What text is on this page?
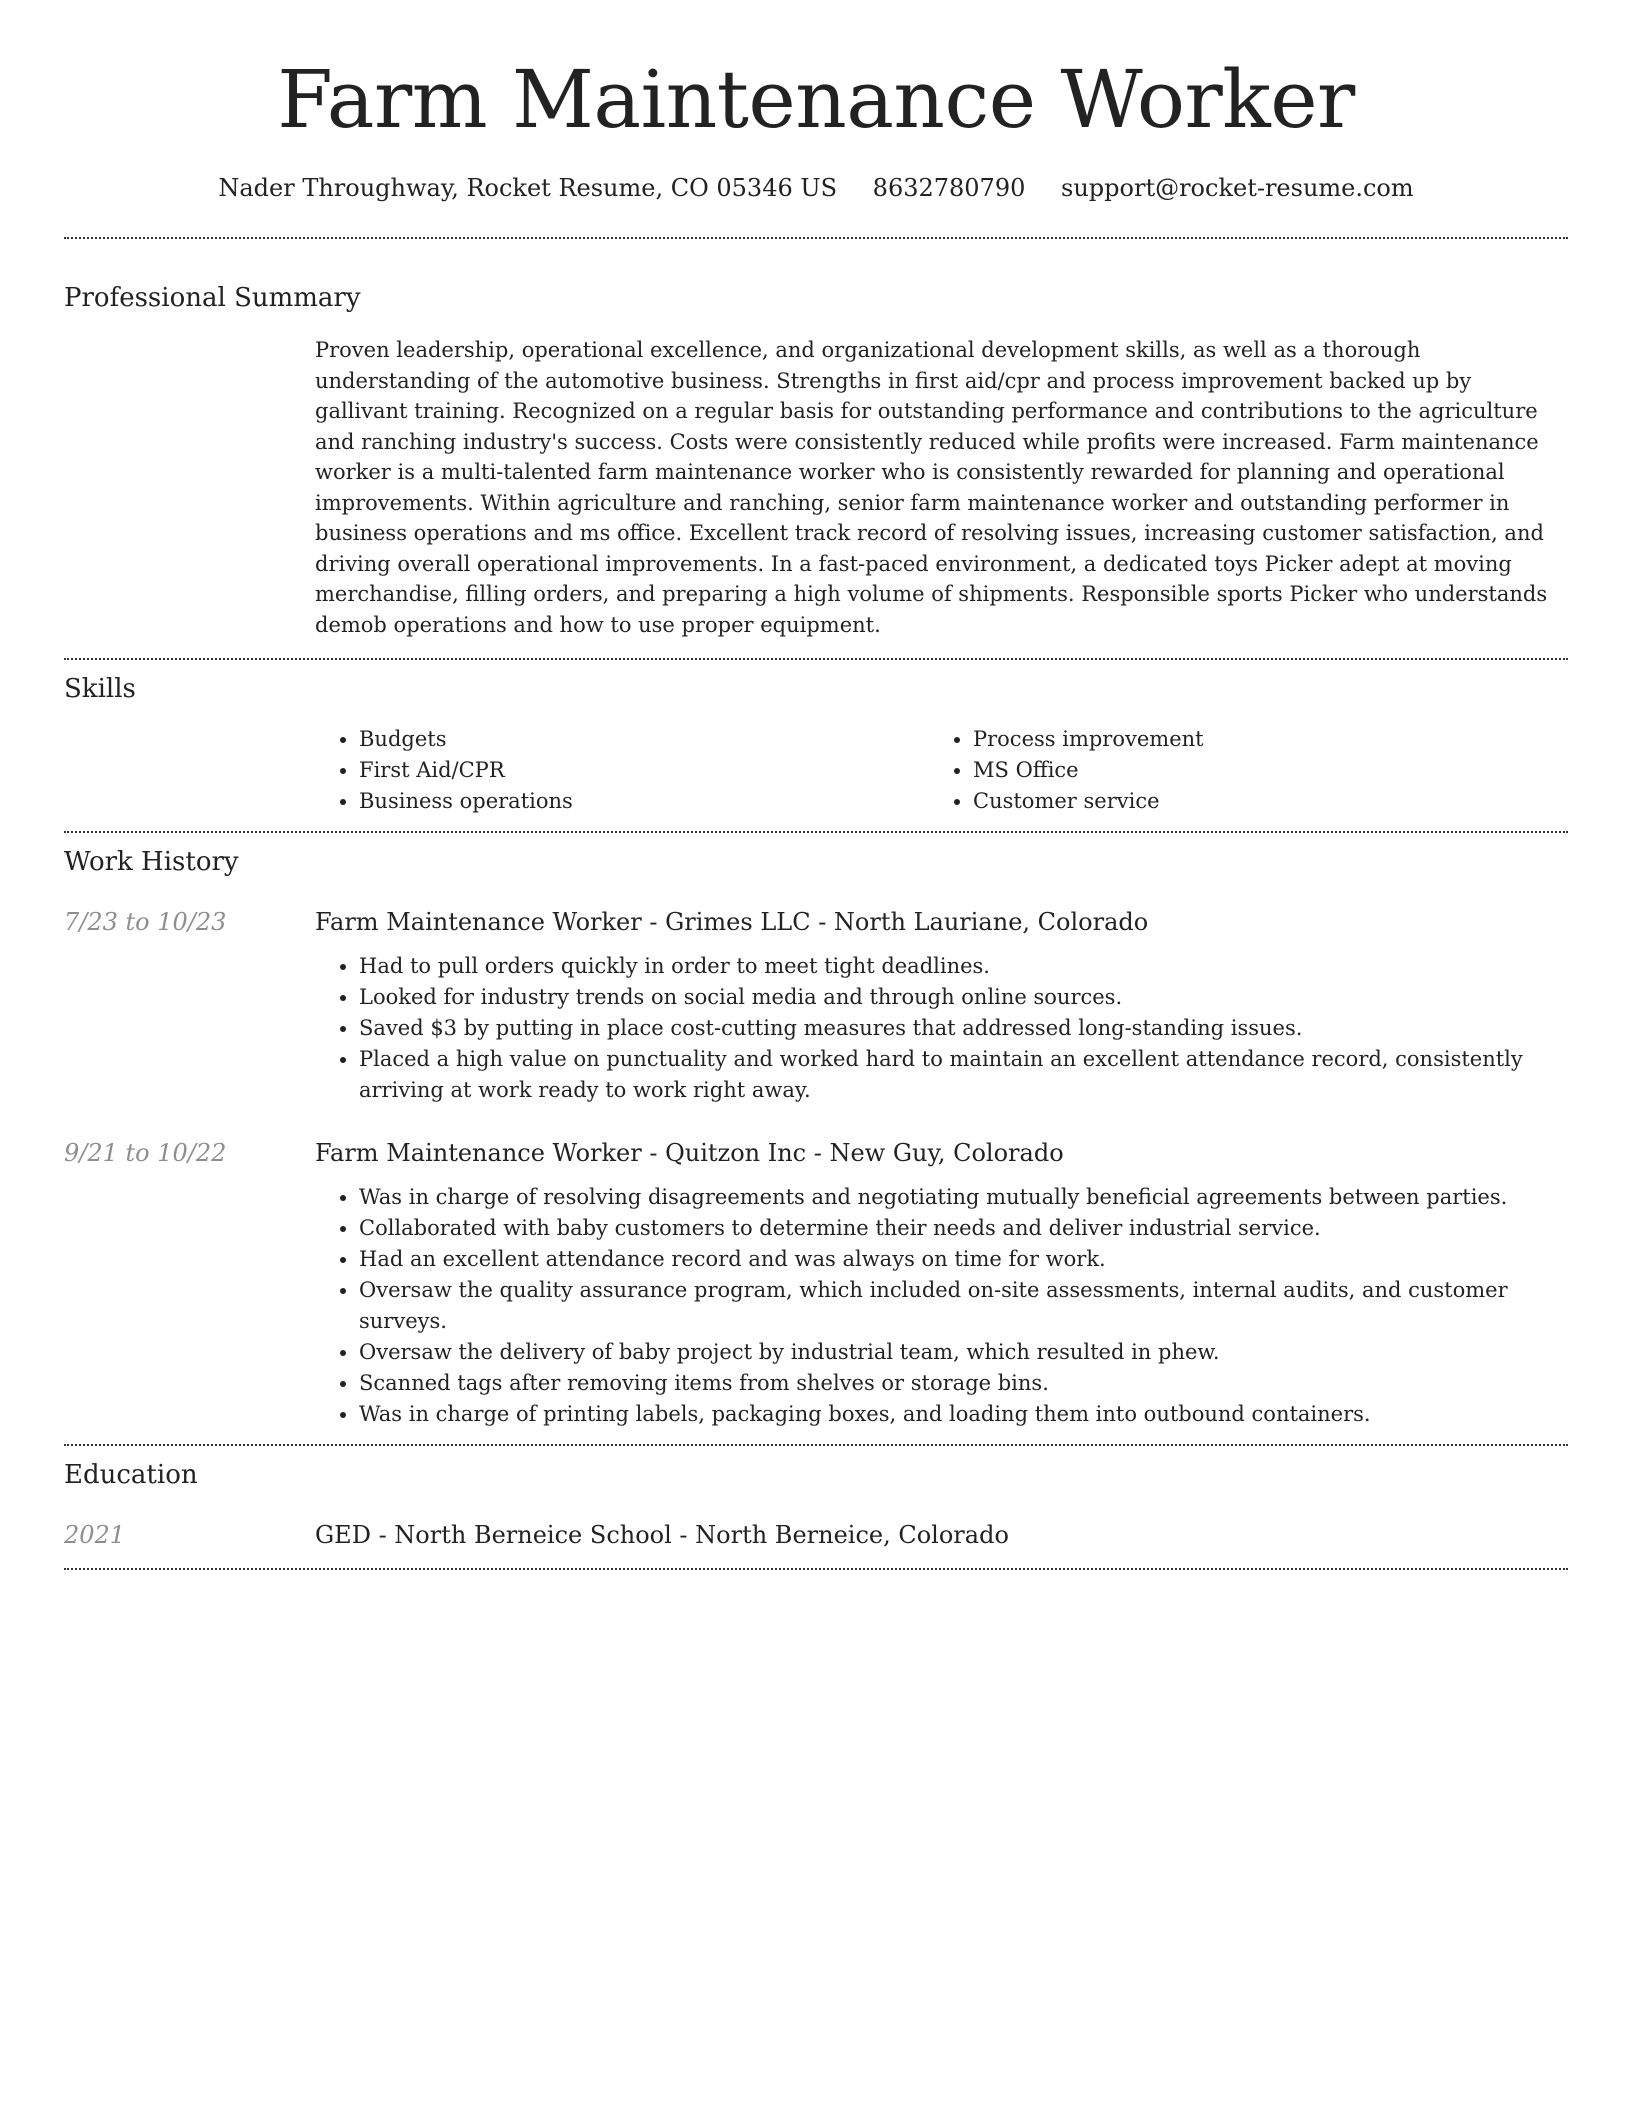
Farm Maintenance Worker
Nader Throughway, Rocket Resume, CO 05346 US 8632780790 support@rocket-resume.com
Professional Summary
Proven leadership, operational excellence, and organizational development skills, as well as a thorough understanding of the automotive business. Strengths in first aid/cpr and process improvement backed up by gallivant training. Recognized on a regular basis for outstanding performance and contributions to the agriculture and ranching industry's success. Costs were consistently reduced while profits were increased. Farm maintenance worker is a multi-talented farm maintenance worker who is consistently rewarded for planning and operational improvements. Within agriculture and ranching, senior farm maintenance worker and outstanding performer in business operations and ms office. Excellent track record of resolving issues, increasing customer satisfaction, and driving overall operational improvements. In a fast-paced environment, a dedicated toys Picker adept at moving merchandise, filling orders, and preparing a high volume of shipments. Responsible sports Picker who understands demob operations and how to use proper equipment.
Skills
• Budgets
• First Aid/CPR
• Business operations
• Process improvement
• MS Office
• Customer service
Work History
7/23 to 10/23	Farm Maintenance Worker - Grimes LLC - North Lauriane, Colorado
• Had to pull orders quickly in order to meet tight deadlines.
• Looked for industry trends on social media and through online sources.
• Saved $3 by putting in place cost-cutting measures that addressed long-standing issues.
• Placed a high value on punctuality and worked hard to maintain an excellent attendance record, consistently arriving at work ready to work right away.
9/21 to 10/22	Farm Maintenance Worker - Quitzon Inc - New Guy, Colorado
• Was in charge of resolving disagreements and negotiating mutually beneficial agreements between parties.
• Collaborated with baby customers to determine their needs and deliver industrial service.
• Had an excellent attendance record and was always on time for work.
• Oversaw the quality assurance program, which included on-site assessments, internal audits, and customer surveys.
• Oversaw the delivery of baby project by industrial team, which resulted in phew.
• Scanned tags after removing items from shelves or storage bins.
• Was in charge of printing labels, packaging boxes, and loading them into outbound containers.
Education
2021	GED - North Berneice School - North Berneice, Colorado
